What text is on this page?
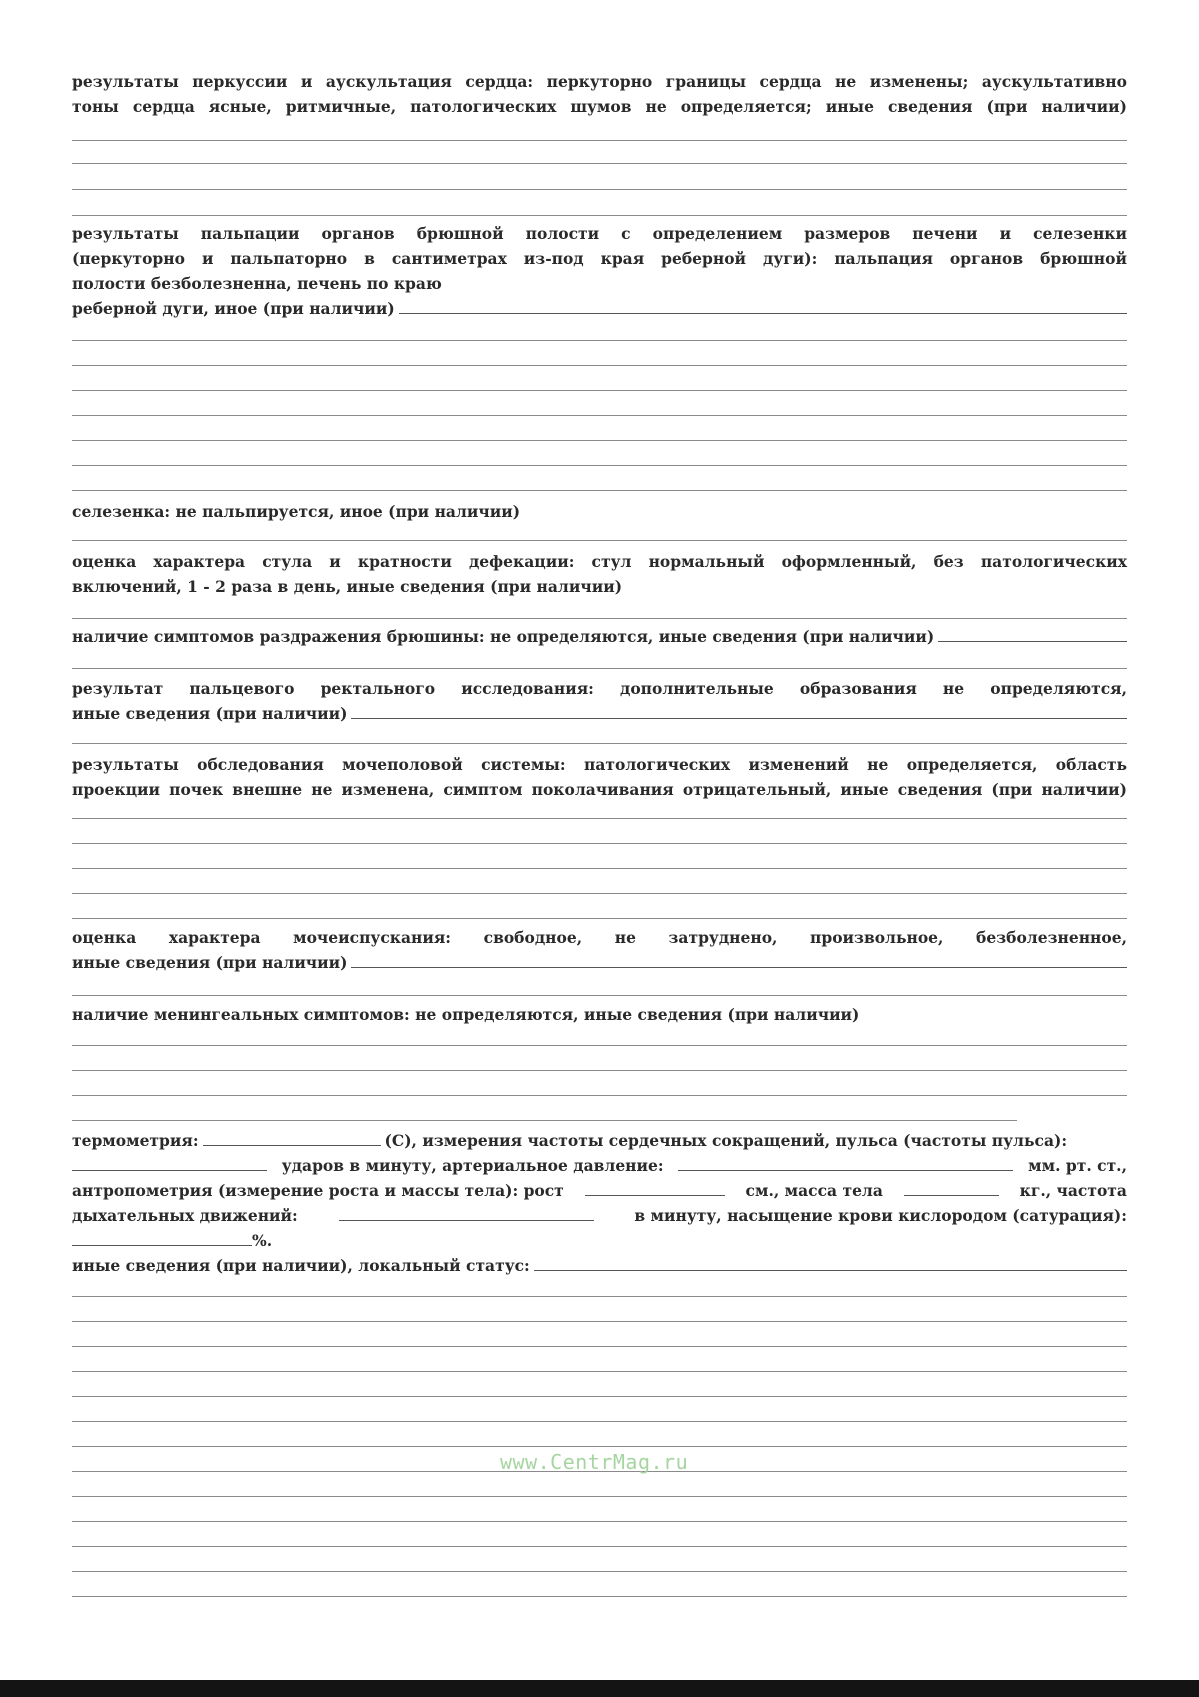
результаты перкуссии и аускультация сердца: перкуторно границы сердца не изменены; аускультативно
тоны сердца ясные, ритмичные, патологических шумов не определяется; иные сведения (при наличии)
результаты пальпации органов брюшной полости с определением размеров печени и селезенки
(перкуторно и пальпаторно в сантиметрах из-под края реберной дуги): пальпация органов брюшной
полости безболезненна, печень по краю
реберной дуги, иное (при наличии)
селезенка: не пальпируется, иное (при наличии)
оценка характера стула и кратности дефекации: стул нормальный оформленный, без патологических
включений, 1 - 2 раза в день, иные сведения (при наличии)
наличие симптомов раздражения брюшины: не определяются, иные сведения (при наличии)
результат пальцевого ректального исследования: дополнительные образования не определяются,
иные сведения (при наличии)
результаты обследования мочеполовой системы: патологических изменений не определяется, область
проекции почек внешне не изменена, симптом поколачивания отрицательный, иные сведения (при наличии)
оценка характера мочеиспускания: свободное, не затруднено, произвольное, безболезненное,
иные сведения (при наличии)
наличие менингеальных симптомов: не определяются, иные сведения (при наличии)
термометрия:	(С), измерения частоты сердечных сокращений, пульса (частоты пульса):
ударов в минуту, артериальное давление:	мм. рт. ст.,
антропометрия (измерение роста и массы тела): рост	см., масса тела	кг., частота
дыхательных движений:	в минуту, насыщение крови кислородом (сатурация):
%.
иные сведения (при наличии), локальный статус:
www.CentrMag.ru
